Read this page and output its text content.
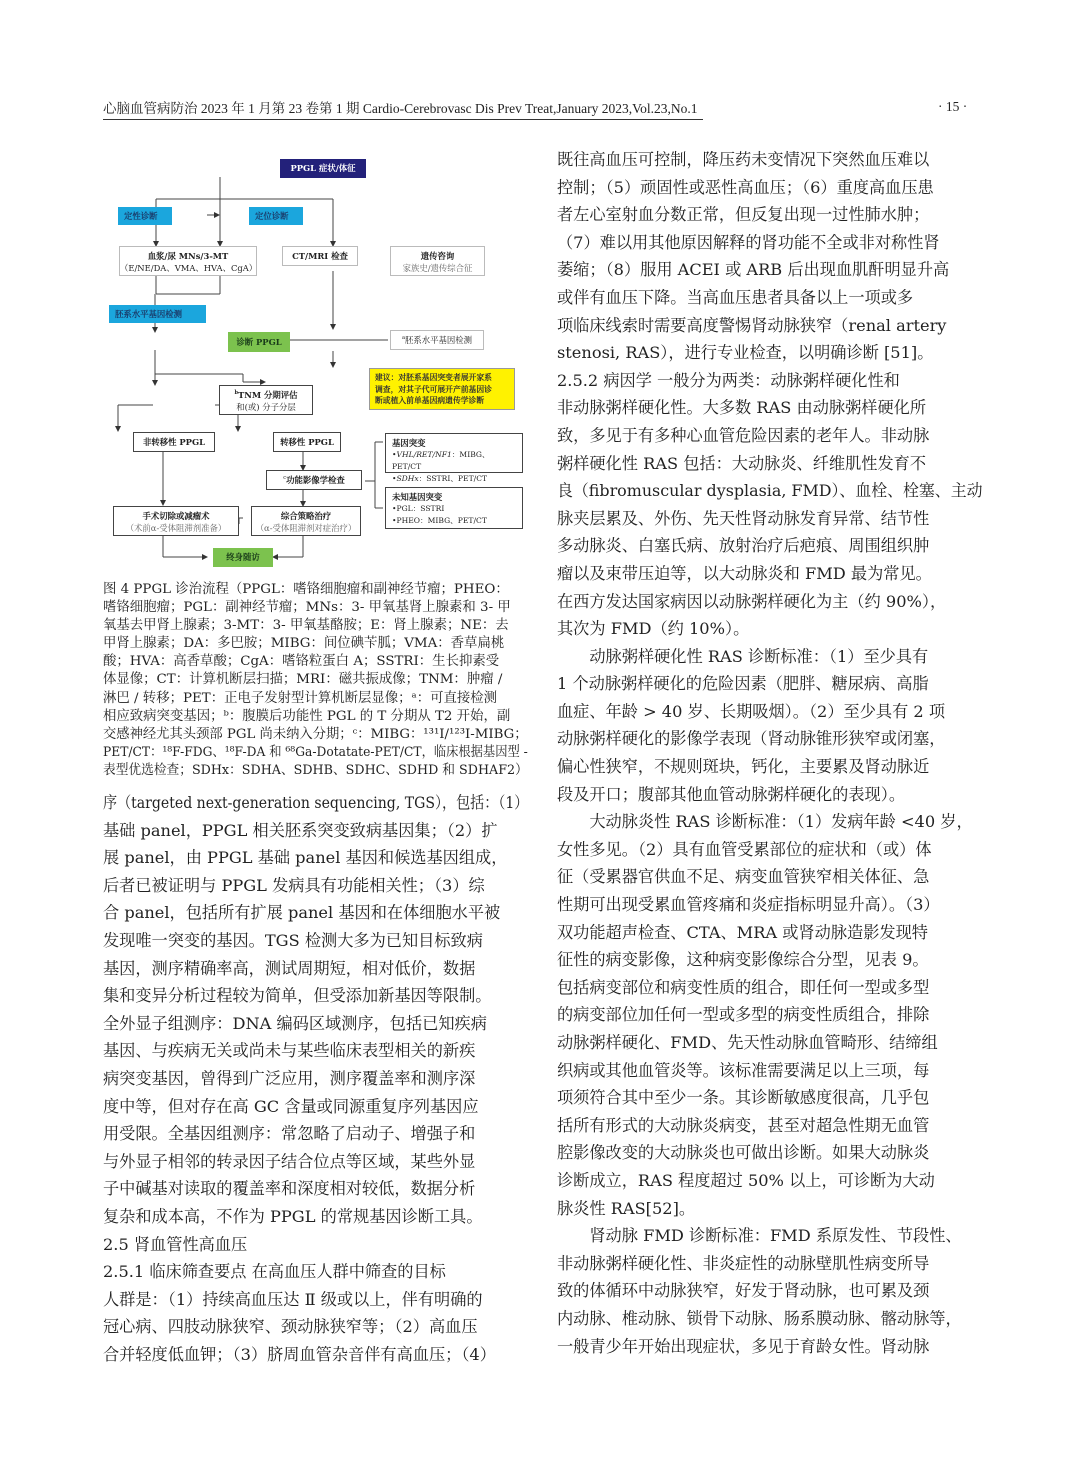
心脑血管病防治 2023 年 1 月第 23 卷第 1 期 Cardio-Cerebrovasc Dis Prev Treat,January 2023,Vol.23,No.1	· 15 ·
PPGL 症状/体征
定性诊断	定位诊断
血浆/尿 MNs/3-MT
（E/NE/DA、VMA、HVA、CgA）
CT/MRI 检查	遗传咨询
家族史/遗传综合征
胚系水平基因检测
诊断 PPGL	$^a$胚系水平基因检测
建议：对胚系基因突变者展开家系
调查，对其子代可展开产前基因诊
断或植入前单基因病遗传学诊断
$^b$TNM 分期评估
和(或) 分子分层
非转移性 PPGL	转移性 PPGL	基因突变
•VHL/RET/NF1：MIBG、PET/CT
•SDHx：SSTRI、PET/CT
$^c$功能影像学检查
未知基因突变
•PGL：SSTRI
•PHEO：MIBG、PET/CT
手术切除或减瘤术
（术前α-受体阻滞剂准备）
综合策略治疗
（α-受体阻滞剂对症治疗）
终身随访

图 4 PPGL 诊治流程（PPGL：嗜铬细胞瘤和副神经节瘤；PHEO：

嗜铬细胞瘤；PGL：副神经节瘤；MNs：3- 甲氧基肾上腺素和 3- 甲

氧基去甲肾上腺素；3-MT：3- 甲氧基酪胺；E：肾上腺素；NE：去

甲肾上腺素；DA：多巴胺；MIBG：间位碘苄胍；VMA：香草扁桃

酸；HVA：高香草酸；CgA：嗜铬粒蛋白 A；SSTRI：生长抑素受

体显像；CT：计算机断层扫描；MRI：磁共振成像；TNM：肿瘤 /

淋巴 / 转移；PET：正电子发射型计算机断层显像；ᵃ：可直接检测

相应致病突变基因；ᵇ：腹膜后功能性 PGL 的 T 分期从 T2 开始，副

交感神经尤其头颈部 PGL 尚未纳入分期；ᶜ：MIBG：¹³¹I/¹²³I-MIBG；

PET/CT：¹⁸F-FDG、¹⁸F-DA 和 ⁶⁸Ga-Dotatate-PET/CT，临床根据基因型 -

表型优选检查；SDHx：SDHA、SDHB、SDHC、SDHD 和 SDHAF2）

序（targeted next-generation sequencing, TGS），包括：（1）

基础 panel，PPGL 相关胚系突变致病基因集；（2）扩

展 panel，由 PPGL 基础 panel 基因和候选基因组成，

后者已被证明与 PPGL 发病具有功能相关性；（3）综

合 panel，包括所有扩展 panel 基因和在体细胞水平被

发现唯一突变的基因。TGS 检测大多为已知目标致病

基因，测序精确率高，测试周期短，相对低价，数据

集和变异分析过程较为简单，但受添加新基因等限制。

全外显子组测序：DNA 编码区域测序，包括已知疾病

基因、与疾病无关或尚未与某些临床表型相关的新疾

病突变基因，曾得到广泛应用，测序覆盖率和测序深

度中等，但对存在高 GC 含量或同源重复序列基因应

用受限。全基因组测序：常忽略了启动子、增强子和

与外显子相邻的转录因子结合位点等区域，某些外显

子中碱基对读取的覆盖率和深度相对较低，数据分析

复杂和成本高，不作为 PPGL 的常规基因诊断工具。

2.5 肾血管性高血压

2.5.1 临床筛查要点 在高血压人群中筛查的目标

人群是：（1）持续高血压达 Ⅱ 级或以上，伴有明确的

冠心病、四肢动脉狭窄、颈动脉狭窄等；（2）高血压

合并轻度低血钾；（3）脐周血管杂音伴有高血压；（4）

既往高血压可控制，降压药未变情况下突然血压难以

控制；（5）顽固性或恶性高血压；（6）重度高血压患

者左心室射血分数正常，但反复出现一过性肺水肿；

（7）难以用其他原因解释的肾功能不全或非对称性肾

萎缩；（8）服用 ACEI 或 ARB 后出现血肌酐明显升高

或伴有血压下降。当高血压患者具备以上一项或多

项临床线索时需要高度警惕肾动脉狭窄（renal artery

stenosi, RAS），进行专业检查，以明确诊断 [51]。

2.5.2 病因学 一般分为两类：动脉粥样硬化性和

非动脉粥样硬化性。大多数 RAS 由动脉粥样硬化所

致，多见于有多种心血管危险因素的老年人。非动脉

粥样硬化性 RAS 包括：大动脉炎、纤维肌性发育不

良（fibromuscular dysplasia, FMD）、血栓、栓塞、主动

脉夹层累及、外伤、先天性肾动脉发育异常、结节性

多动脉炎、白塞氏病、放射治疗后疤痕、周围组织肿

瘤以及束带压迫等，以大动脉炎和 FMD 最为常见。

在西方发达国家病因以动脉粥样硬化为主（约 90%），

其次为 FMD（约 10%）。

　　动脉粥样硬化性 RAS 诊断标准：（1）至少具有

1 个动脉粥样硬化的危险因素（肥胖、糖尿病、高脂

血症、年龄 > 40 岁、长期吸烟）。（2）至少具有 2 项

动脉粥样硬化的影像学表现（肾动脉锥形狭窄或闭塞，

偏心性狭窄，不规则斑块，钙化，主要累及肾动脉近

段及开口；腹部其他血管动脉粥样硬化的表现）。

　　大动脉炎性 RAS 诊断标准：（1）发病年龄 <40 岁，

女性多见。（2）具有血管受累部位的症状和（或）体

征（受累器官供血不足、病变血管狭窄相关体征、急

性期可出现受累血管疼痛和炎症指标明显升高）。（3）

双功能超声检查、CTA、MRA 或肾动脉造影发现特

征性的病变影像，这种病变影像综合分型，见表 9。

包括病变部位和病变性质的组合，即任何一型或多型

的病变部位加任何一型或多型的病变性质组合，排除

动脉粥样硬化、FMD、先天性动脉血管畸形、结缔组

织病或其他血管炎等。该标准需要满足以上三项，每

项须符合其中至少一条。其诊断敏感度很高，几乎包

括所有形式的大动脉炎病变，甚至对超急性期无血管

腔影像改变的大动脉炎也可做出诊断。如果大动脉炎

诊断成立，RAS 程度超过 50% 以上，可诊断为大动

脉炎性 RAS[52]。

　　肾动脉 FMD 诊断标准：FMD 系原发性、节段性、

非动脉粥样硬化性、非炎症性的动脉壁肌性病变所导

致的体循环中动脉狭窄，好发于肾动脉，也可累及颈

内动脉、椎动脉、锁骨下动脉、肠系膜动脉、髂动脉等，

一般青少年开始出现症状，多见于育龄女性。肾动脉
